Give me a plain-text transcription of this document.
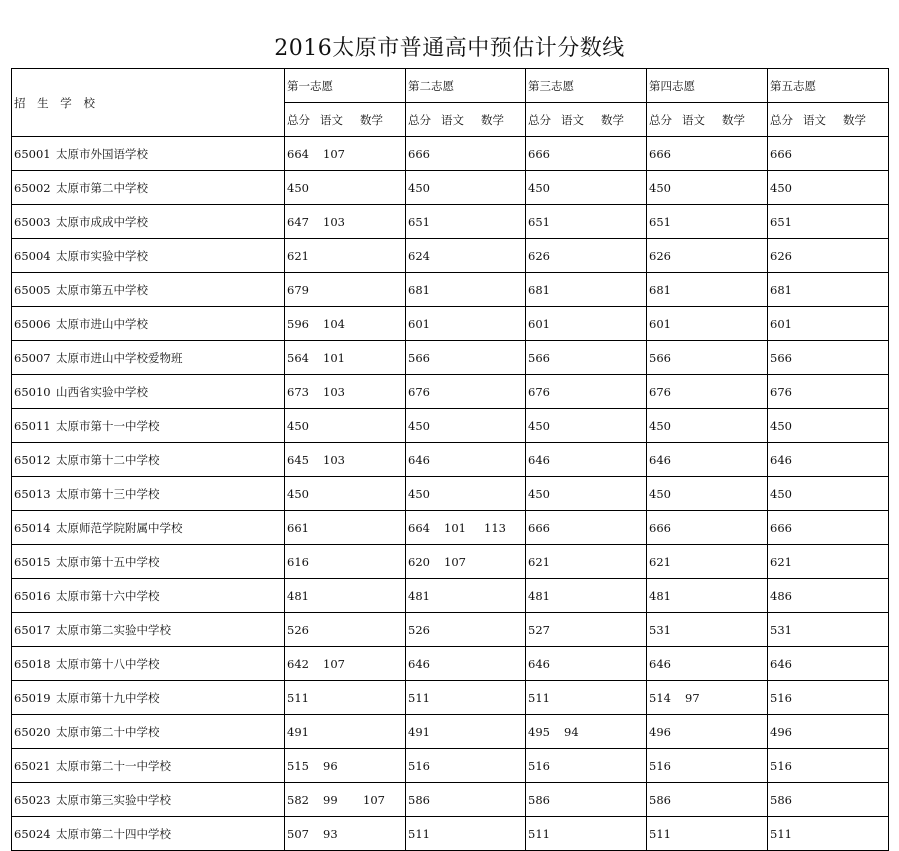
2016太原市普通高中预估计分数线
招 生 学 校	第一志愿	第二志愿	第三志愿	第四志愿	第五志愿
	总分 语文 数学	总分 语文 数学	总分 语文 数学	总分 语文 数学	总分 语文 数学
65001 太原市外国语学校	664 107	666	666	666	666
65002 太原市第二中学校	450	450	450	450	450
65003 太原市成成中学校	647 103	651	651	651	651
65004 太原市实验中学校	621	624	626	626	626
65005 太原市第五中学校	679	681	681	681	681
65006 太原市进山中学校	596 104	601	601	601	601
65007 太原市进山中学校爱物班	564 101	566	566	566	566
65010 山西省实验中学校	673 103	676	676	676	676
65011 太原市第十一中学校	450	450	450	450	450
65012 太原市第十二中学校	645 103	646	646	646	646
65013 太原市第十三中学校	450	450	450	450	450
65014 太原师范学院附属中学校	661	664 101 113	666	666	666
65015 太原市第十五中学校	616	620 107	621	621	621
65016 太原市第十六中学校	481	481	481	481	486
65017 太原市第二实验中学校	526	526	527	531	531
65018 太原市第十八中学校	642 107	646	646	646	646
65019 太原市第十九中学校	511	511	511	514 97	516
65020 太原市第二十中学校	491	491	495 94	496	496
65021 太原市第二十一中学校	515 96	516	516	516	516
65023 太原市第三实验中学校	582 99 107	586	586	586	586
65024 太原市第二十四中学校	507 93	511	511	511	511
